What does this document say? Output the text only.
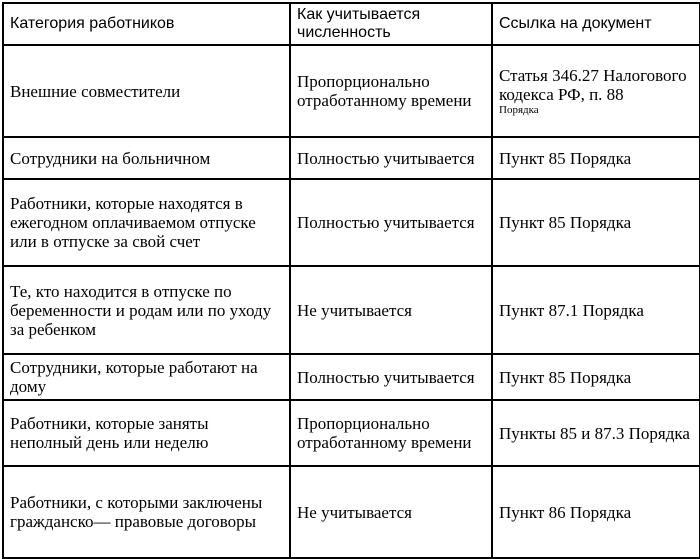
Категория работников	Как учитывается численность	Ссылка на документ
Внешние совместители	Пропорционально отработанному времени	Статья 346.27 Налогового кодекса РФ, п. 88
Порядка

Сотрудники на больничном	Полностью учитывается	Пункт 85 Порядка
Работники, которые находятся в ежегодном оплачиваемом отпуске или в отпуске за свой счет	Полностью учитывается	Пункт 85 Порядка
Те, кто находится в отпуске по беременности и родам или по уходу за ребенком	Не учитывается	Пункт 87.1 Порядка
Сотрудники, которые работают на дому	Полностью учитывается	Пункт 85 Порядка
Работники, которые заняты неполный день или неделю	Пропорционально отработанному времени	Пункты 85 и 87.3 Порядка
Работники, с которыми заключены гражданско— правовые договоры	Не учитывается	Пункт 86 Порядка
